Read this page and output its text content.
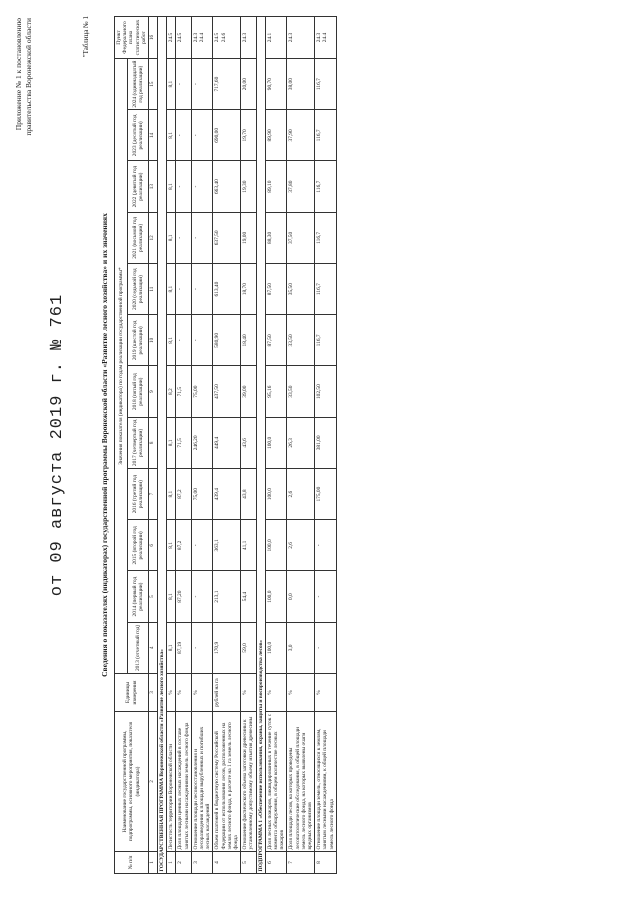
Приложение № 1 к постановлению правительства Воронежской области
от 09 августа 2019 г. № 761
"Таблица № 1
Сведения о показателях (индикаторах) государственной программы Воронежской области «Развитие лесного хозяйства» и их значениях
№ п/п	Наименование государственной программы, подпрограммы, основного мероприятия, показателя (индикатора)	Единицы измерения	Значения показателя (индикатора) по годам реализации государственной программы*												Пункт Федерального плана статистических работ
			2013 (отчетный год)	2014 (первый год реализации)	2015 (второй год реализации)	2016 (третий год реализации)	2017 (четвертый год реализации)	2018 (пятый год реализации)	2019 (шестой год реализации)	2020 (седьмой год реализации)	2021 (восьмой год реализации)	2022 (девятый год реализации)	2023 (десятый год реализации)	2024 (одиннадцатый год реализации)	
1	2	3	4	5	6	7	8	9	10	11	12	13	14	15	16
ГОСУДАРСТВЕННАЯ ПРОГРАММА Воронежской области «Развитие лесного хозяйства»															
1	Лесистость территории Воронежской области	%	8,1	8,1	8,1	8,1	8,1	8,2	8,1	8,1	8,1	8,1	8,1	8,1	24.5
2	Доля площади ценных лесных насаждений в составе занятых лесными насаждениями земель лесного фонда	%	87,19	87,20	87,2	87,2	71,5	71,5	-	-	-	-	-	-	24.5
3	Отношение площади лесовосстановления и лесоразведения к площади вырубленных и погибших лесных насаждений	%	-	-	-	75,00	246,20	75,00	-	-	-	-	-	-	24.3
24.4
4	Объем платежей в бюджетную систему Российской Федерации от использования лесов, расположенных на землях лесного фонда, в расчете на 1 га земель лесного фонда	рублей на га	170,9	213,1	363,1	439,4	449,4	437,50	580,90	613,40	637,50	663,40	690,00	717,60	24.5
24.6
5	Отношение фактического объема заготовки древесины к установленному допустимому объему изъятия древесины	%	59,0	54,4	41,1	43,8	43,6	39,00	18,40	18,70	19,00	19,30	19,70	20,00	24.3
ПОДПРОГРАММА 1 «Обеспечение использования, охраны, защиты и воспроизводства лесов»															
6	Доля лесных пожаров, ликвидированных в течение суток с момента обнаружения, в общем количестве лесных пожаров	%	100,0	100,0	100,0	100,0	100,0	95,16	87,50	87,50	88,30	89,10	89,90	90,70	24.1
7	Доля площади лесов, на которых проведены лесопатологические обследования, в общей площади земель лесного фонда, на которых выявлены очаги вредных организмов	%	3,0	0,0	2,6	2,6	26,3	33,50	33,50	35,50	37,50	37,80	37,90	38,00	24.3
8	Отношение площади земель, относящихся к землям, занятым лесными насаждениями, к общей площади земель лесного фонда	%	-	-	-	175,00	381,00	102,50	116,7	116,7	116,7	116,7	116,7	116,7	24.3
24.4
